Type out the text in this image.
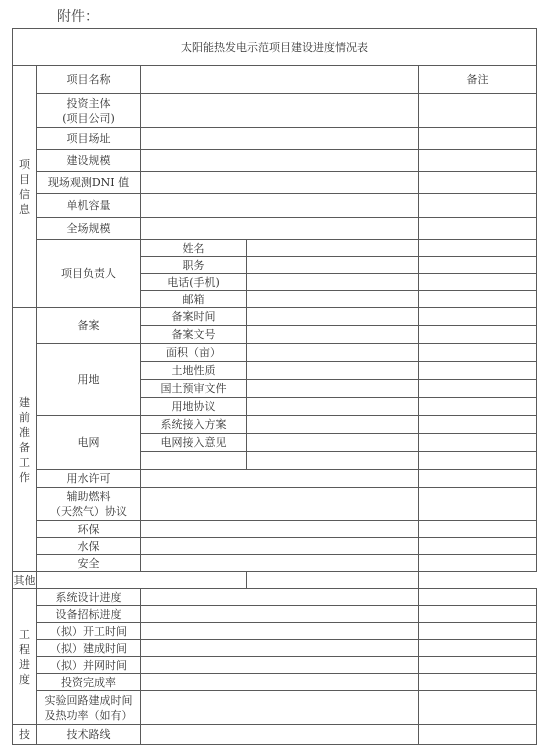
附件：
太阳能热发电示范项目建设进度情况表				

项目信息	项目名称			备注
	投资主体
(项目公司)			
	项目场址			
	建设规模			
	现场观测DNI 值			
	单机容量			
	全场规模			
	项目负责人	姓名		
		职务		
		电话(手机)		
		邮箱		

建前准备工作	备案	备案时间		
		备案文号		
	用地	面积（亩）		
		土地性质		
		国土预审文件		
		用地协议		
	电网	系统接入方案		
		电网接入意见		

	用水许可			
	辅助燃料
（天然气）协议			
	环保			
	水保			
	安全			
其他				

工程进度	系统设计进度			
	设备招标进度			
	（拟）开工时间			
	（拟）建成时间			
	（拟）并网时间			
	投资完成率			
	实验回路建成时间
及热功率（如有）			

技	技术路线			
